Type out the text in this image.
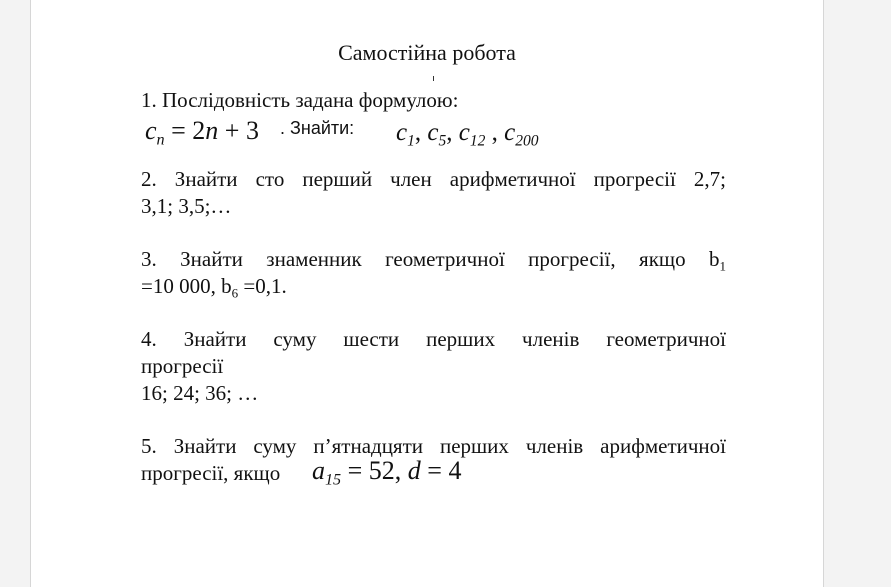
Самостійна робота
1. Послідовність задана формулою:
$c_n = 2n + 3$ . Знайти: $c_1$, $c_5$, $c_{12}$ , $c_{200}$
2. Знайти сто перший член арифметичної прогресії 2,7;
3,1; 3,5;…
3. Знайти знаменник геометричної прогресії, якщо $b_1$
=10 000, $b_6 =0,1$.
4. Знайти суму шести перших членів геометричної
прогресії
16; 24; 36; …
5. Знайти суму п’ятнадцяти перших членів арифметичної
прогресії, якщо $a_{15} = 52$, d = 4
